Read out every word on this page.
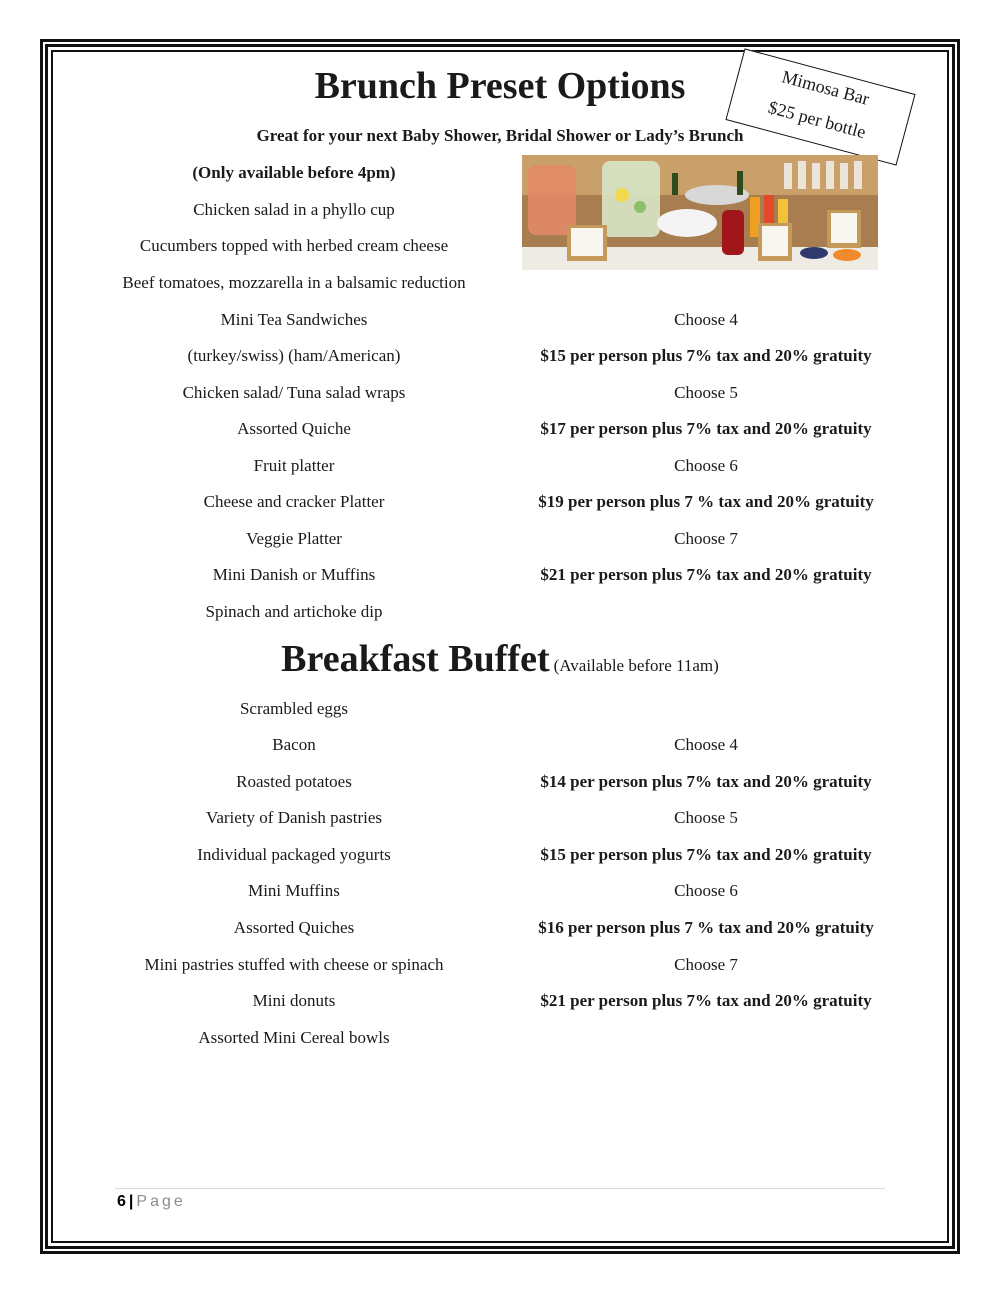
Brunch Preset Options
Great for your next Baby Shower, Bridal Shower or Lady’s Brunch
Mimosa Bar
$25 per bottle
(Only available before 4pm)
Chicken salad in a phyllo cup
Cucumbers topped with herbed cream cheese
Beef tomatoes, mozzarella in a balsamic reduction
Mini Tea Sandwiches
(turkey/swiss) (ham/American)
Chicken salad/ Tuna salad wraps
Assorted Quiche
Fruit platter
Cheese and cracker Platter
Veggie Platter
Mini Danish or Muffins
Spinach and artichoke dip
Choose 4
$15 per person plus 7% tax and 20% gratuity
Choose 5
$17 per person plus 7% tax and 20% gratuity
Choose 6
$19 per person plus 7 % tax and 20% gratuity
Choose 7
$21 per person plus 7% tax and 20% gratuity
Breakfast Buffet (Available before 11am)
Scrambled eggs
Bacon
Roasted potatoes
Variety of Danish pastries
Individual packaged yogurts
Mini Muffins
Assorted Quiches
Mini pastries stuffed with cheese or spinach
Mini donuts
Assorted Mini Cereal bowls
Choose 4
$14 per person plus 7% tax and 20% gratuity
Choose 5
$15 per person plus 7% tax and 20% gratuity
Choose 6
$16 per person plus 7 % tax and 20% gratuity
Choose 7
$21 per person plus 7% tax and 20% gratuity
6 | Page
